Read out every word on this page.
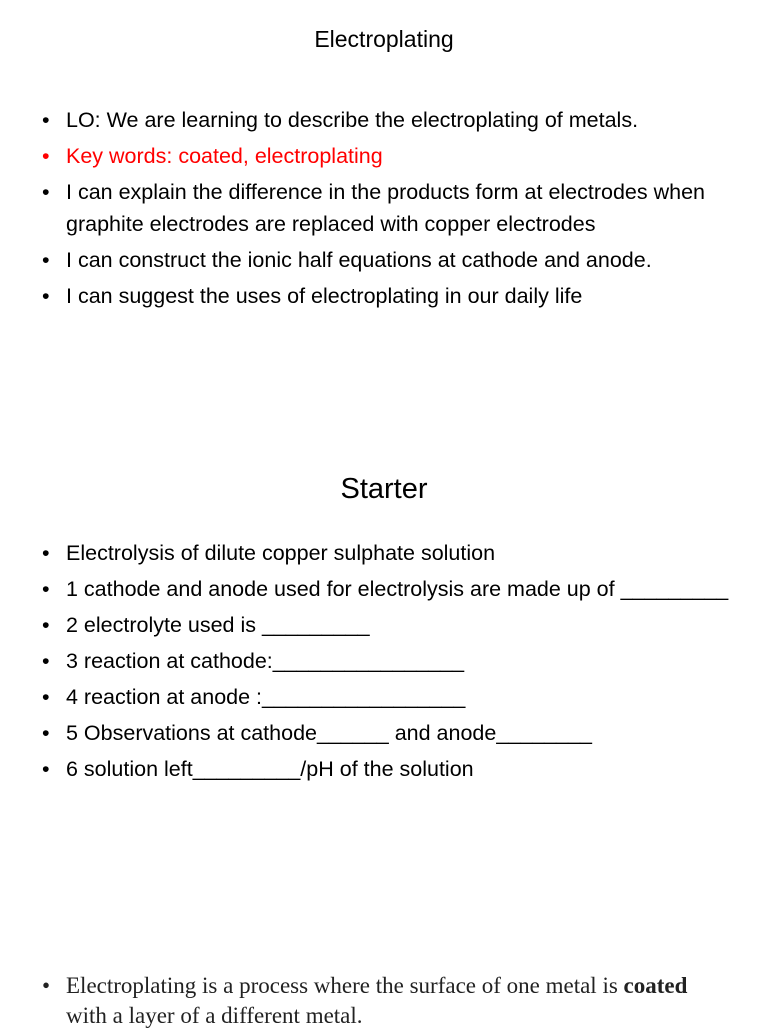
Electroplating
• LO: We are learning to describe the electroplating of metals.
• Key words: coated, electroplating
• I can explain the difference in the products form at electrodes when graphite electrodes are replaced with copper electrodes
• I can construct the ionic half equations at cathode and anode.
• I can suggest the uses of electroplating in our daily life
Starter
• Electrolysis of dilute copper sulphate solution
• 1 cathode and anode used for electrolysis are made up of _________
• 2 electrolyte used is _________
• 3 reaction at cathode:________________
• 4 reaction at anode :_________________
• 5 Observations at cathode______ and anode________
• 6 solution left_________/pH of the solution
• Electroplating is a process where the surface of one metal is coated with a layer of a different metal.
